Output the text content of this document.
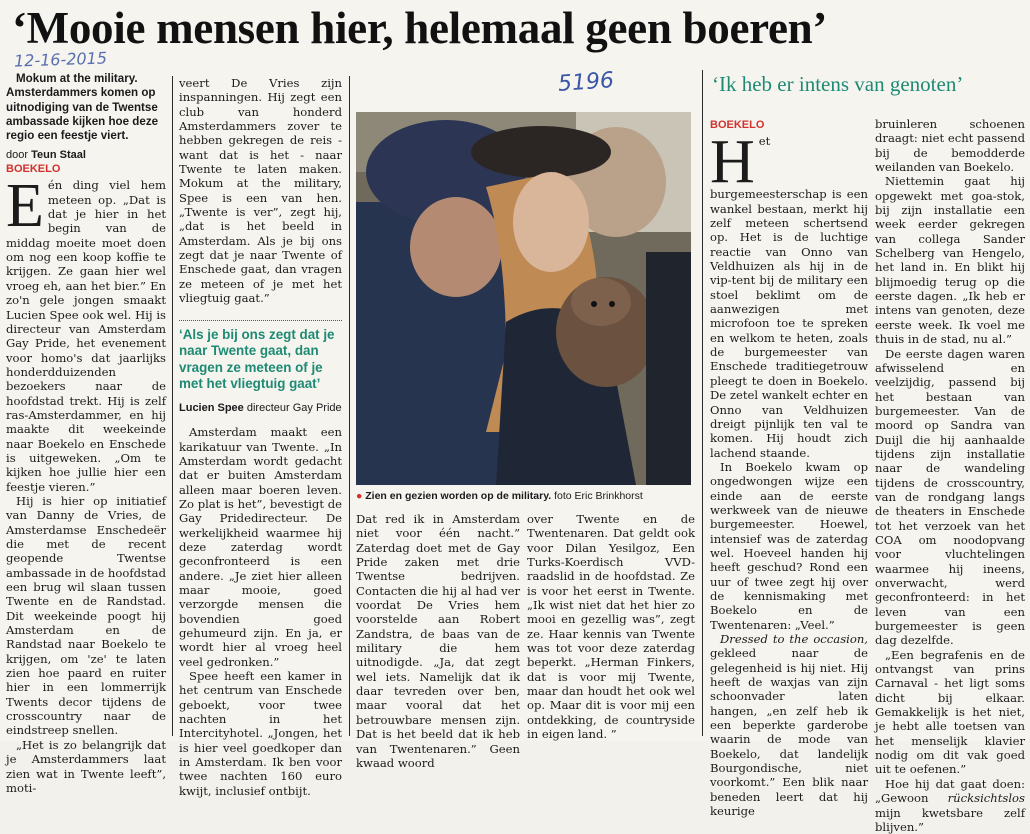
‘Mooie mensen hier, helemaal geen boeren’
12-16-2015
5196

Mokum at the military. Amsterdammers komen op uitnodiging van de Twentse ambassade kijken hoe deze regio een feestje viert.

door Teun Staal
BOEKELO

Eén ding viel hem meteen op. „Dat is dat je hier in het begin van de middag moeite moet doen om nog een koop koffie te krijgen. Ze gaan hier wel vroeg eh, aan het bier.” En zo'n gele jongen smaakt Lucien Spee ook wel. Hij is directeur van Amsterdam Gay Pride, het evenement voor homo's dat jaarlijks honderdduizenden bezoekers naar de hoofdstad trekt. Hij is zelf ras-Amsterdammer, en hij maakte dit weekeinde naar Boekelo en Enschede is uitgeweken. „Om te kijken hoe jullie hier een feestje vieren.”

Hij is hier op initiatief van Danny de Vries, de Amsterdamse Enschedeër die met de recent geopende Twentse ambassade in de hoofdstad een brug wil slaan tussen Twente en de Randstad. Dit weekeinde poogt hij Amsterdam en de Randstad naar Boekelo te krijgen, om 'ze' te laten zien hoe paard en ruiter hier in een lommerrijk Twents decor tijdens de crosscountry naar de eindstreep snellen.

„Het is zo belangrijk dat je Amsterdammers laat zien wat in Twente leeft”, moti-

veert De Vries zijn inspanningen. Hij zegt een club van honderd Amsterdammers zover te hebben gekregen de reis - want dat is het - naar Twente te laten maken. Mokum at the military, Spee is een van hen. „Twente is ver”, zegt hij, „dat is het beeld in Amsterdam. Als je bij ons zegt dat je naar Twente of Enschede gaat, dan vragen ze meteen of je met het vliegtuig gaat.”

‘Als je bij ons zegt dat je naar Twente gaat, dan vragen ze meteen of je met het vliegtuig gaat’
Lucien Spee directeur Gay Pride

Amsterdam maakt een karikatuur van Twente. „In Amsterdam wordt gedacht dat er buiten Amsterdam alleen maar boeren leven. Zo plat is het”, bevestigt de Gay Pridedirecteur. De werkelijkheid waarmee hij deze zaterdag wordt geconfronteerd is een andere. „Je ziet hier alleen maar mooie, goed verzorgde mensen die bovendien goed gehumeurd zijn. En ja, er wordt hier al vroeg heel veel gedronken.”

Spee heeft een kamer in het centrum van Enschede geboekt, voor twee nachten in het Intercityhotel. „Jongen, het is hier veel goedkoper dan in Amsterdam. Ik ben voor twee nachten 160 euro kwijt, inclusief ontbijt.

● Zien en gezien worden op de military. foto Eric Brinkhorst

Dat red ik in Amsterdam niet voor één nacht.” Zaterdag doet met de Gay Pride zaken met drie Twentse bedrijven. Contacten die hij al had ver voordat De Vries hem voorstelde aan Robert Zandstra, de baas van de military die hem uitnodigde. „Ja, dat zegt wel iets. Namelijk dat ik daar tevreden over ben, maar vooral dat het betrouwbare mensen zijn. Dat is het beeld dat ik heb van Twentenaren.” Geen kwaad woord

over Twente en de Twentenaren. Dat geldt ook voor Dilan Yesilgoz, Een Turks-Koerdisch VVD-raadslid in de hoofdstad. Ze is voor het eerst in Twente. „Ik wist niet dat het hier zo mooi en gezellig was”, zegt ze. Haar kennis van Twente was tot voor deze zaterdag beperkt. „Herman Finkers, dat is voor mij Twente, maar dan houdt het ook wel op. Maar dit is voor mij een ontdekking, de countryside in eigen land. ”

‘Ik heb er intens van genoten’
BOEKELO

Het burgemeesterschap is een wankel bestaan, merkt hij zelf meteen schertsend op. Het is de luchtige reactie van Onno van Veldhuizen als hij in de vip-tent bij de military een stoel beklimt om de aanwezigen met microfoon toe te spreken en welkom te heten, zoals de burgemeester van Enschede traditiegetrouw pleegt te doen in Boekelo. De zetel wankelt echter en Onno van Veldhuizen dreigt pijnlijk ten val te komen. Hij houdt zich lachend staande.

In Boekelo kwam op ongedwongen wijze een einde aan de eerste werkweek van de nieuwe burgemeester. Hoewel, intensief was de zaterdag wel. Hoeveel handen hij heeft geschud? Rond een uur of twee zegt hij over de kennismaking met Boekelo en de Twentenaren: „Veel.”

Dressed to the occasion, gekleed naar de gelegenheid is hij niet. Hij heeft de waxjas van zijn schoonvader laten hangen, „en zelf heb ik een beperkte garderobe waarin de mode van Boekelo, dat landelijk Bourgondische, niet voorkomt.” Een blik naar beneden leert dat hij keurige

bruinleren schoenen draagt: niet echt passend bij de bemodderde weilanden van Boekelo.

Niettemin gaat hij opgewekt met goa-stok, bij zijn installatie een week eerder gekregen van collega Sander Schelberg van Hengelo, het land in. En blikt hij blijmoedig terug op die eerste dagen. „Ik heb er intens van genoten, deze eerste week. Ik voel me thuis in de stad, nu al.”

De eerste dagen waren afwisselend en veelzijdig, passend bij het bestaan van burgemeester. Van de moord op Sandra van Duijl die hij aanhaalde tijdens zijn installatie naar de wandeling tijdens de crosscountry, van de rondgang langs de theaters in Enschede tot het verzoek van het COA om noodopvang voor vluchtelingen waarmee hij ineens, onverwacht, werd geconfronteerd: in het leven van een burgemeester is geen dag dezelfde.

„Een begrafenis en de ontvangst van prins Carnaval - het ligt soms dicht bij elkaar. Gemakkelijk is het niet, je hebt alle toetsen van het menselijk klavier nodig om dit vak goed uit te oefenen.”

Hoe hij dat gaat doen: „Gewoon rücksichtslos mijn kwetsbare zelf blijven.”
